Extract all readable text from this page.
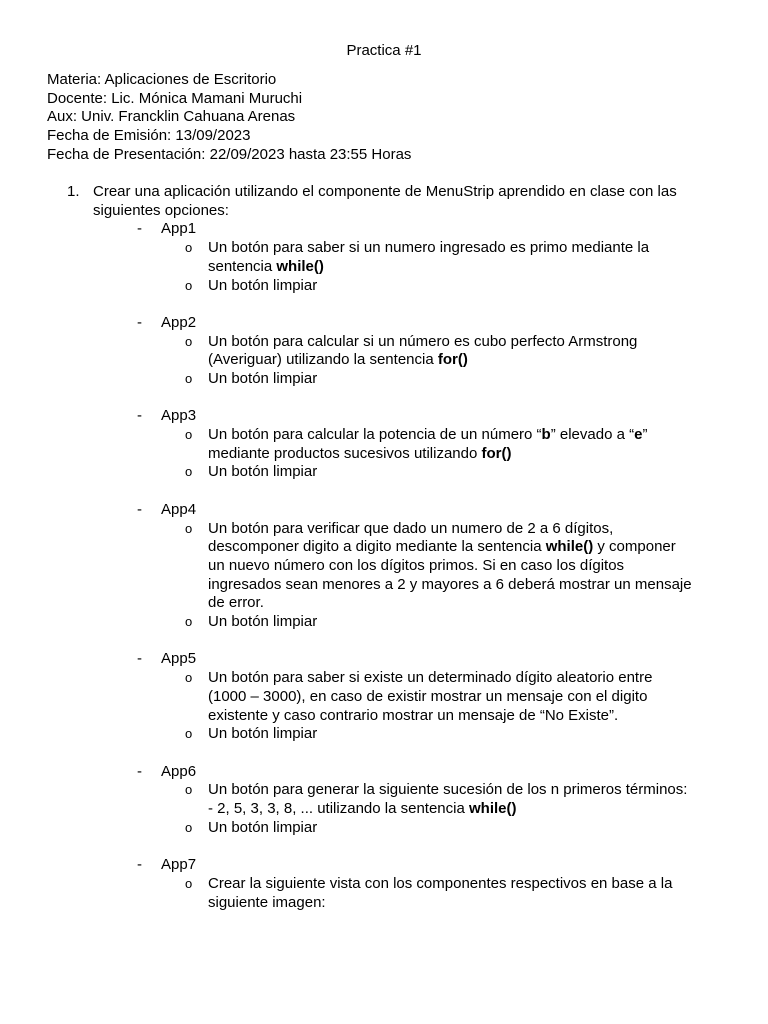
Practica #1
Materia: Aplicaciones de Escritorio
Docente: Lic. Mónica Mamani Muruchi
Aux: Univ. Francklin Cahuana Arenas
Fecha de Emisión: 13/09/2023
Fecha de Presentación: 22/09/2023 hasta 23:55 Horas
1. Crear una aplicación utilizando el componente de MenuStrip aprendido en clase con las siguientes opciones:
- App1
o Un botón para saber si un numero ingresado es primo mediante la sentencia while()
o Un botón limpiar
- App2
o Un botón para calcular si un número es cubo perfecto Armstrong (Averiguar) utilizando la sentencia for()
o Un botón limpiar
- App3
o Un botón para calcular la potencia de un número “b” elevado a “e” mediante productos sucesivos utilizando for()
o Un botón limpiar
- App4
o Un botón para verificar que dado un numero de 2 a 6 dígitos, descomponer digito a digito mediante la sentencia while() y componer un nuevo número con los dígitos primos. Si en caso los dígitos ingresados sean menores a 2 y mayores a 6 deberá mostrar un mensaje de error.
o Un botón limpiar
- App5
o Un botón para saber si existe un determinado dígito aleatorio entre (1000 – 3000), en caso de existir mostrar un mensaje con el digito existente y caso contrario mostrar un mensaje de “No Existe”.
o Un botón limpiar
- App6
o Un botón para generar la siguiente sucesión de los n primeros términos: - 2, 5, 3, 3, 8, ... utilizando la sentencia while()
o Un botón limpiar
- App7
o Crear la siguiente vista con los componentes respectivos en base a la siguiente imagen:
